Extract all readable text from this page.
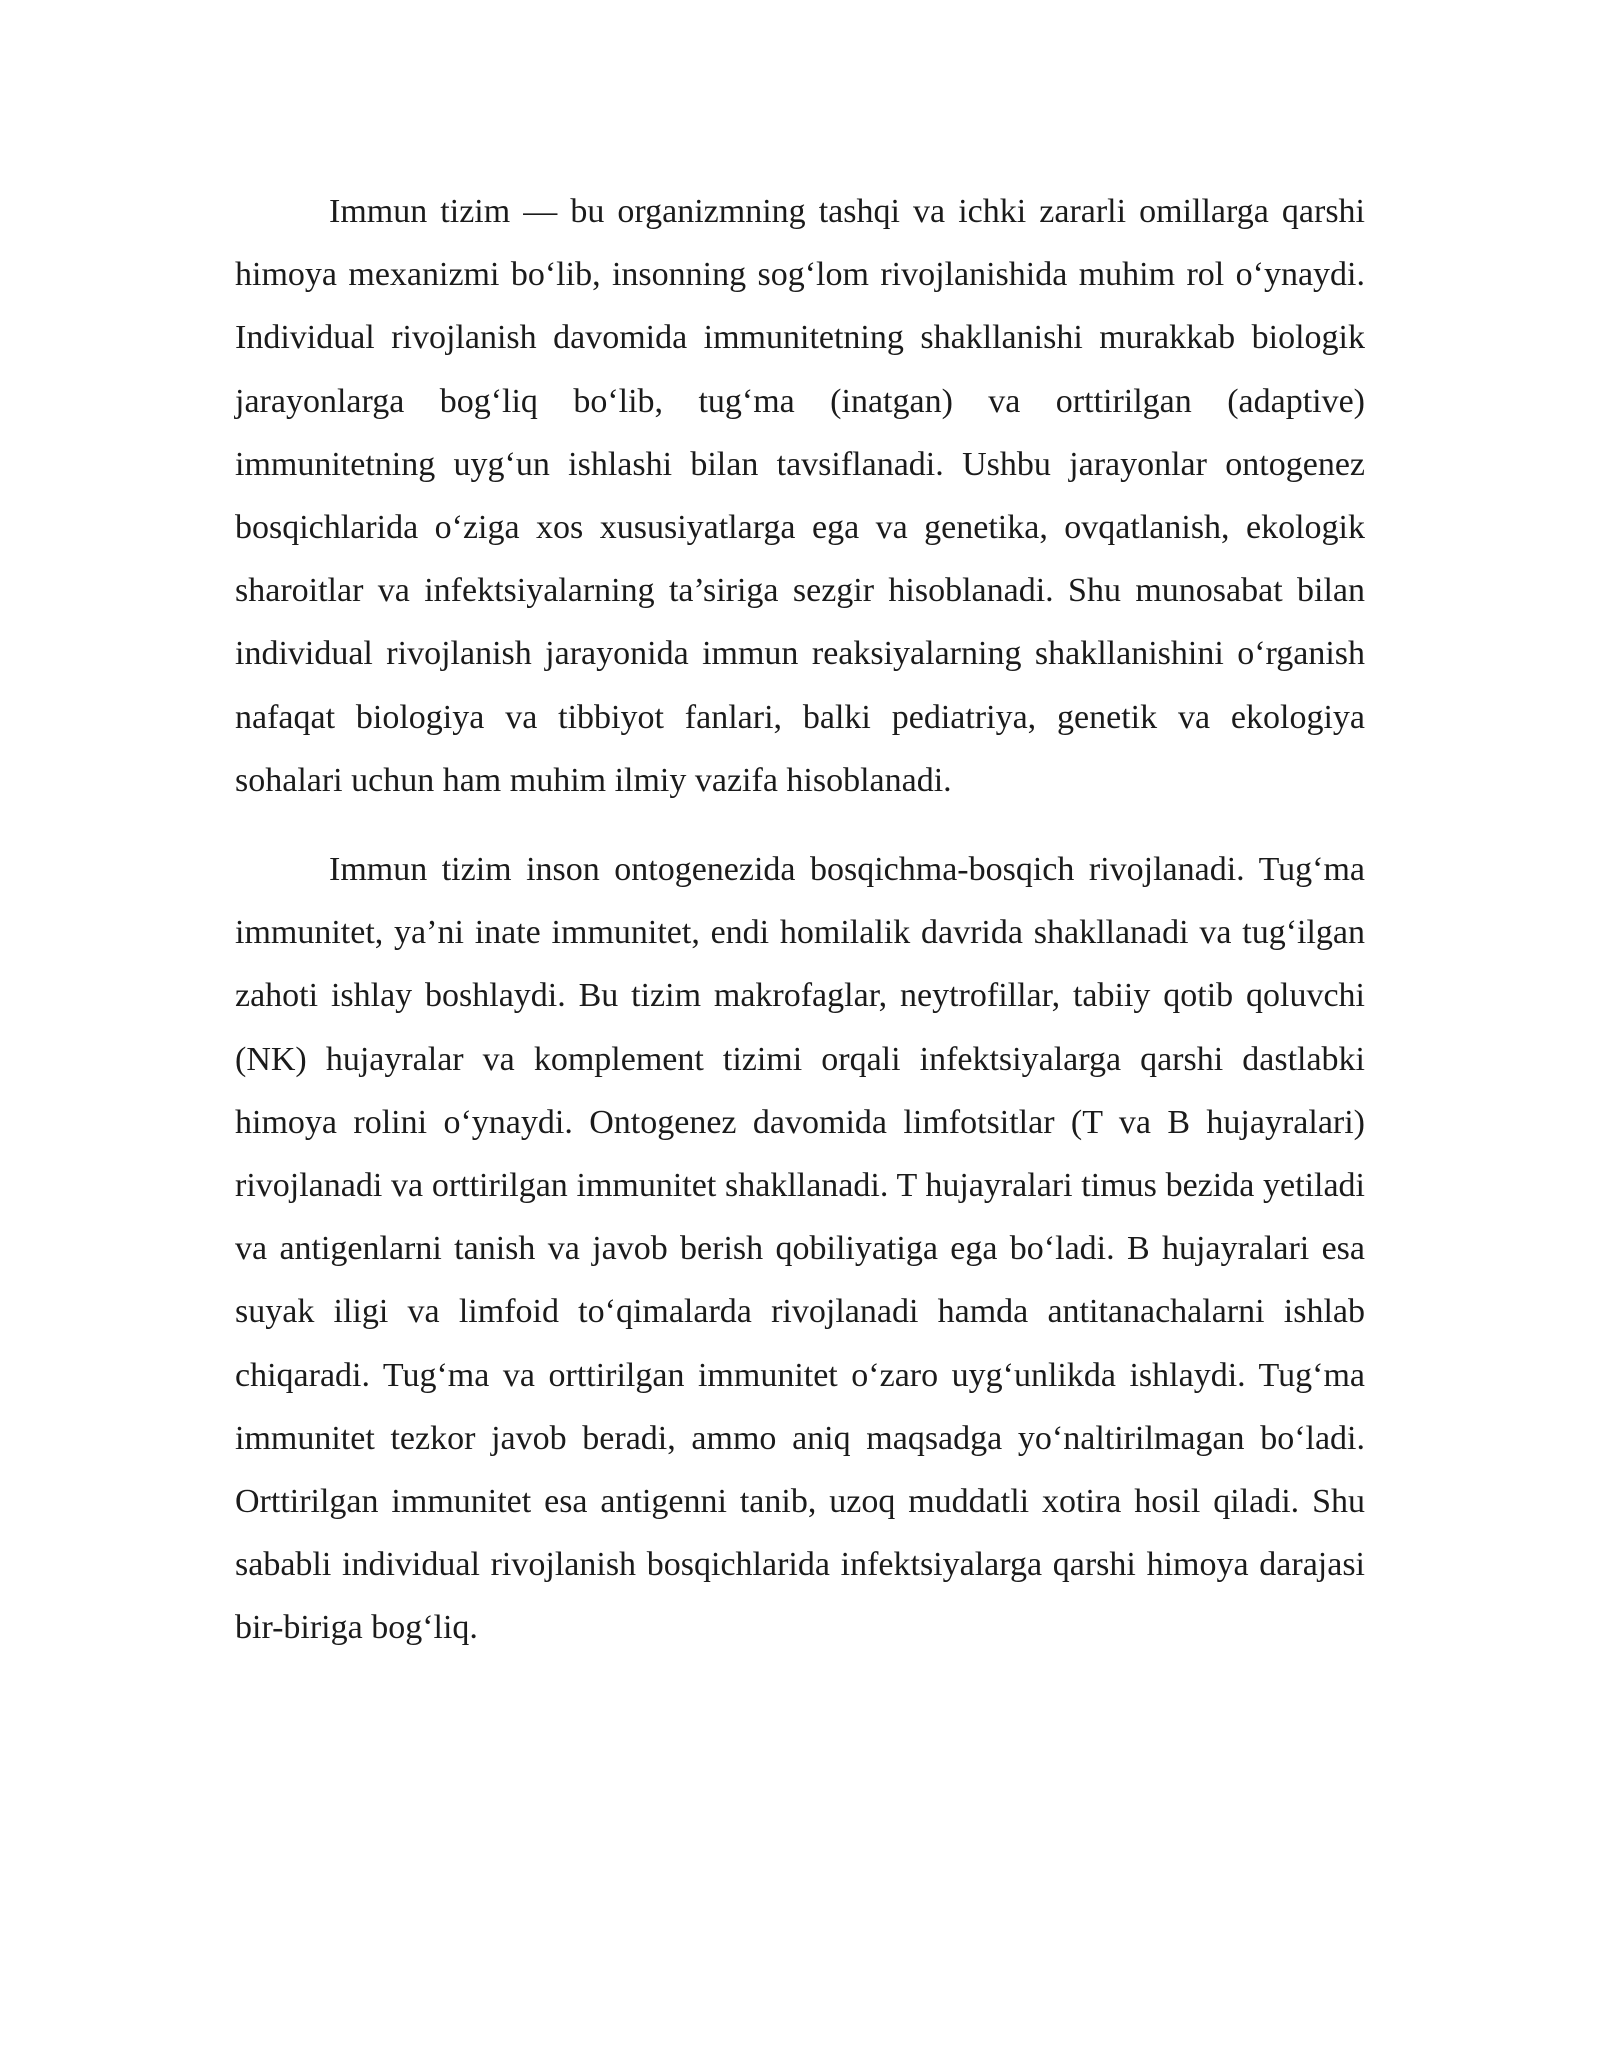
Immun tizim — bu organizmning tashqi va ichki zararli omillarga qarshi himoya mexanizmi bo‘lib, insonning sog‘lom rivojlanishida muhim rol o‘ynaydi. Individual rivojlanish davomida immunitetning shakllanishi murakkab biologik jarayonlarga bog‘liq bo‘lib, tug‘ma (inatgan) va orttirilgan (adaptive) immunitetning uyg‘un ishlashi bilan tavsiflanadi. Ushbu jarayonlar ontogenez bosqichlarida o‘ziga xos xususiyatlarga ega va genetika, ovqatlanish, ekologik sharoitlar va infektsiyalarning ta’siriga sezgir hisoblanadi. Shu munosabat bilan individual rivojlanish jarayonida immun reaksiyalarning shakllanishini o‘rganish nafaqat biologiya va tibbiyot fanlari, balki pediatriya, genetik va ekologiya sohalari uchun ham muhim ilmiy vazifa hisoblanadi.

Immun tizim inson ontogenezida bosqichma-bosqich rivojlanadi. Tug‘ma immunitet, ya’ni inate immunitet, endi homilalik davrida shakllanadi va tug‘ilgan zahoti ishlay boshlaydi. Bu tizim makrofaglar, neytrofillar, tabiiy qotib qoluvchi (NK) hujayralar va komplement tizimi orqali infektsiyalarga qarshi dastlabki himoya rolini o‘ynaydi. Ontogenez davomida limfotsitlar (T va B hujayralari) rivojlanadi va orttirilgan immunitet shakllanadi. T hujayralari timus bezida yetiladi va antigenlarni tanish va javob berish qobiliyatiga ega bo‘ladi. B hujayralari esa suyak iligi va limfoid to‘qimalarda rivojlanadi hamda antitanachalarni ishlab chiqaradi. Tug‘ma va orttirilgan immunitet o‘zaro uyg‘unlikda ishlaydi. Tug‘ma immunitet tezkor javob beradi, ammo aniq maqsadga yo‘naltirilmagan bo‘ladi. Orttirilgan immunitet esa antigenni tanib, uzoq muddatli xotira hosil qiladi. Shu sababli individual rivojlanish bosqichlarida infektsiyalarga qarshi himoya darajasi bir-biriga bog‘liq.
